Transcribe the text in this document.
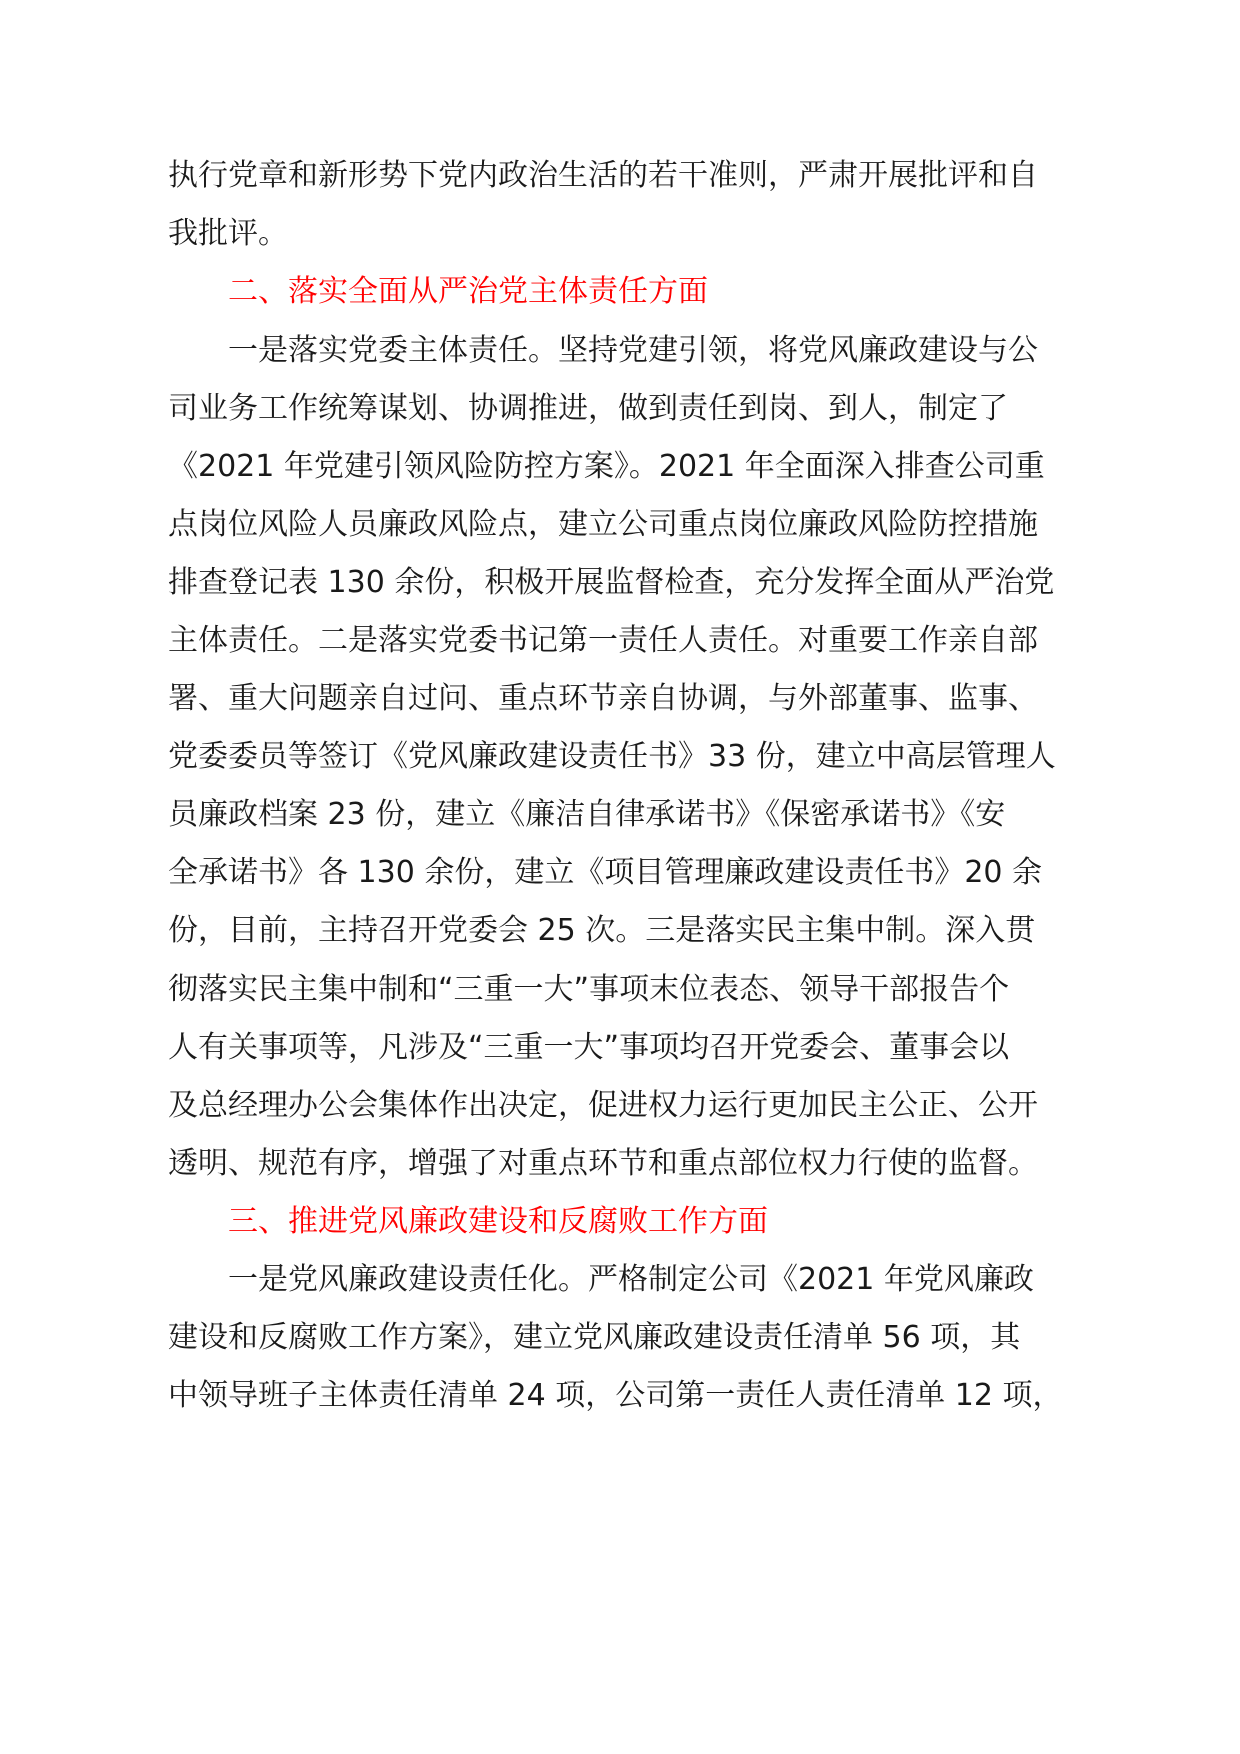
执行党章和新形势下党内政治生活的若干准则，严肃开展批评和自
我批评。
二、落实全面从严治党主体责任方面
一是落实党委主体责任。坚持党建引领，将党风廉政建设与公
司业务工作统筹谋划、协调推进，做到责任到岗、到人，制定了
《2021 年党建引领风险防控方案》。2021 年全面深入排查公司重
点岗位风险人员廉政风险点，建立公司重点岗位廉政风险防控措施
排查登记表 130 余份，积极开展监督检查，充分发挥全面从严治党
主体责任。二是落实党委书记第一责任人责任。对重要工作亲自部
署、重大问题亲自过问、重点环节亲自协调，与外部董事、监事、
党委委员等签订《党风廉政建设责任书》33 份，建立中高层管理人
员廉政档案 23 份，建立《廉洁自律承诺书》《保密承诺书》《安
全承诺书》各 130 余份，建立《项目管理廉政建设责任书》20 余
份，目前，主持召开党委会 25 次。三是落实民主集中制。深入贯
彻落实民主集中制和“三重一大”事项末位表态、领导干部报告个
人有关事项等，凡涉及“三重一大”事项均召开党委会、董事会以
及总经理办公会集体作出决定，促进权力运行更加民主公正、公开
透明、规范有序，增强了对重点环节和重点部位权力行使的监督。
三、推进党风廉政建设和反腐败工作方面
一是党风廉政建设责任化。严格制定公司《2021 年党风廉政
建设和反腐败工作方案》，建立党风廉政建设责任清单 56 项，其
中领导班子主体责任清单 24 项，公司第一责任人责任清单 12 项，
